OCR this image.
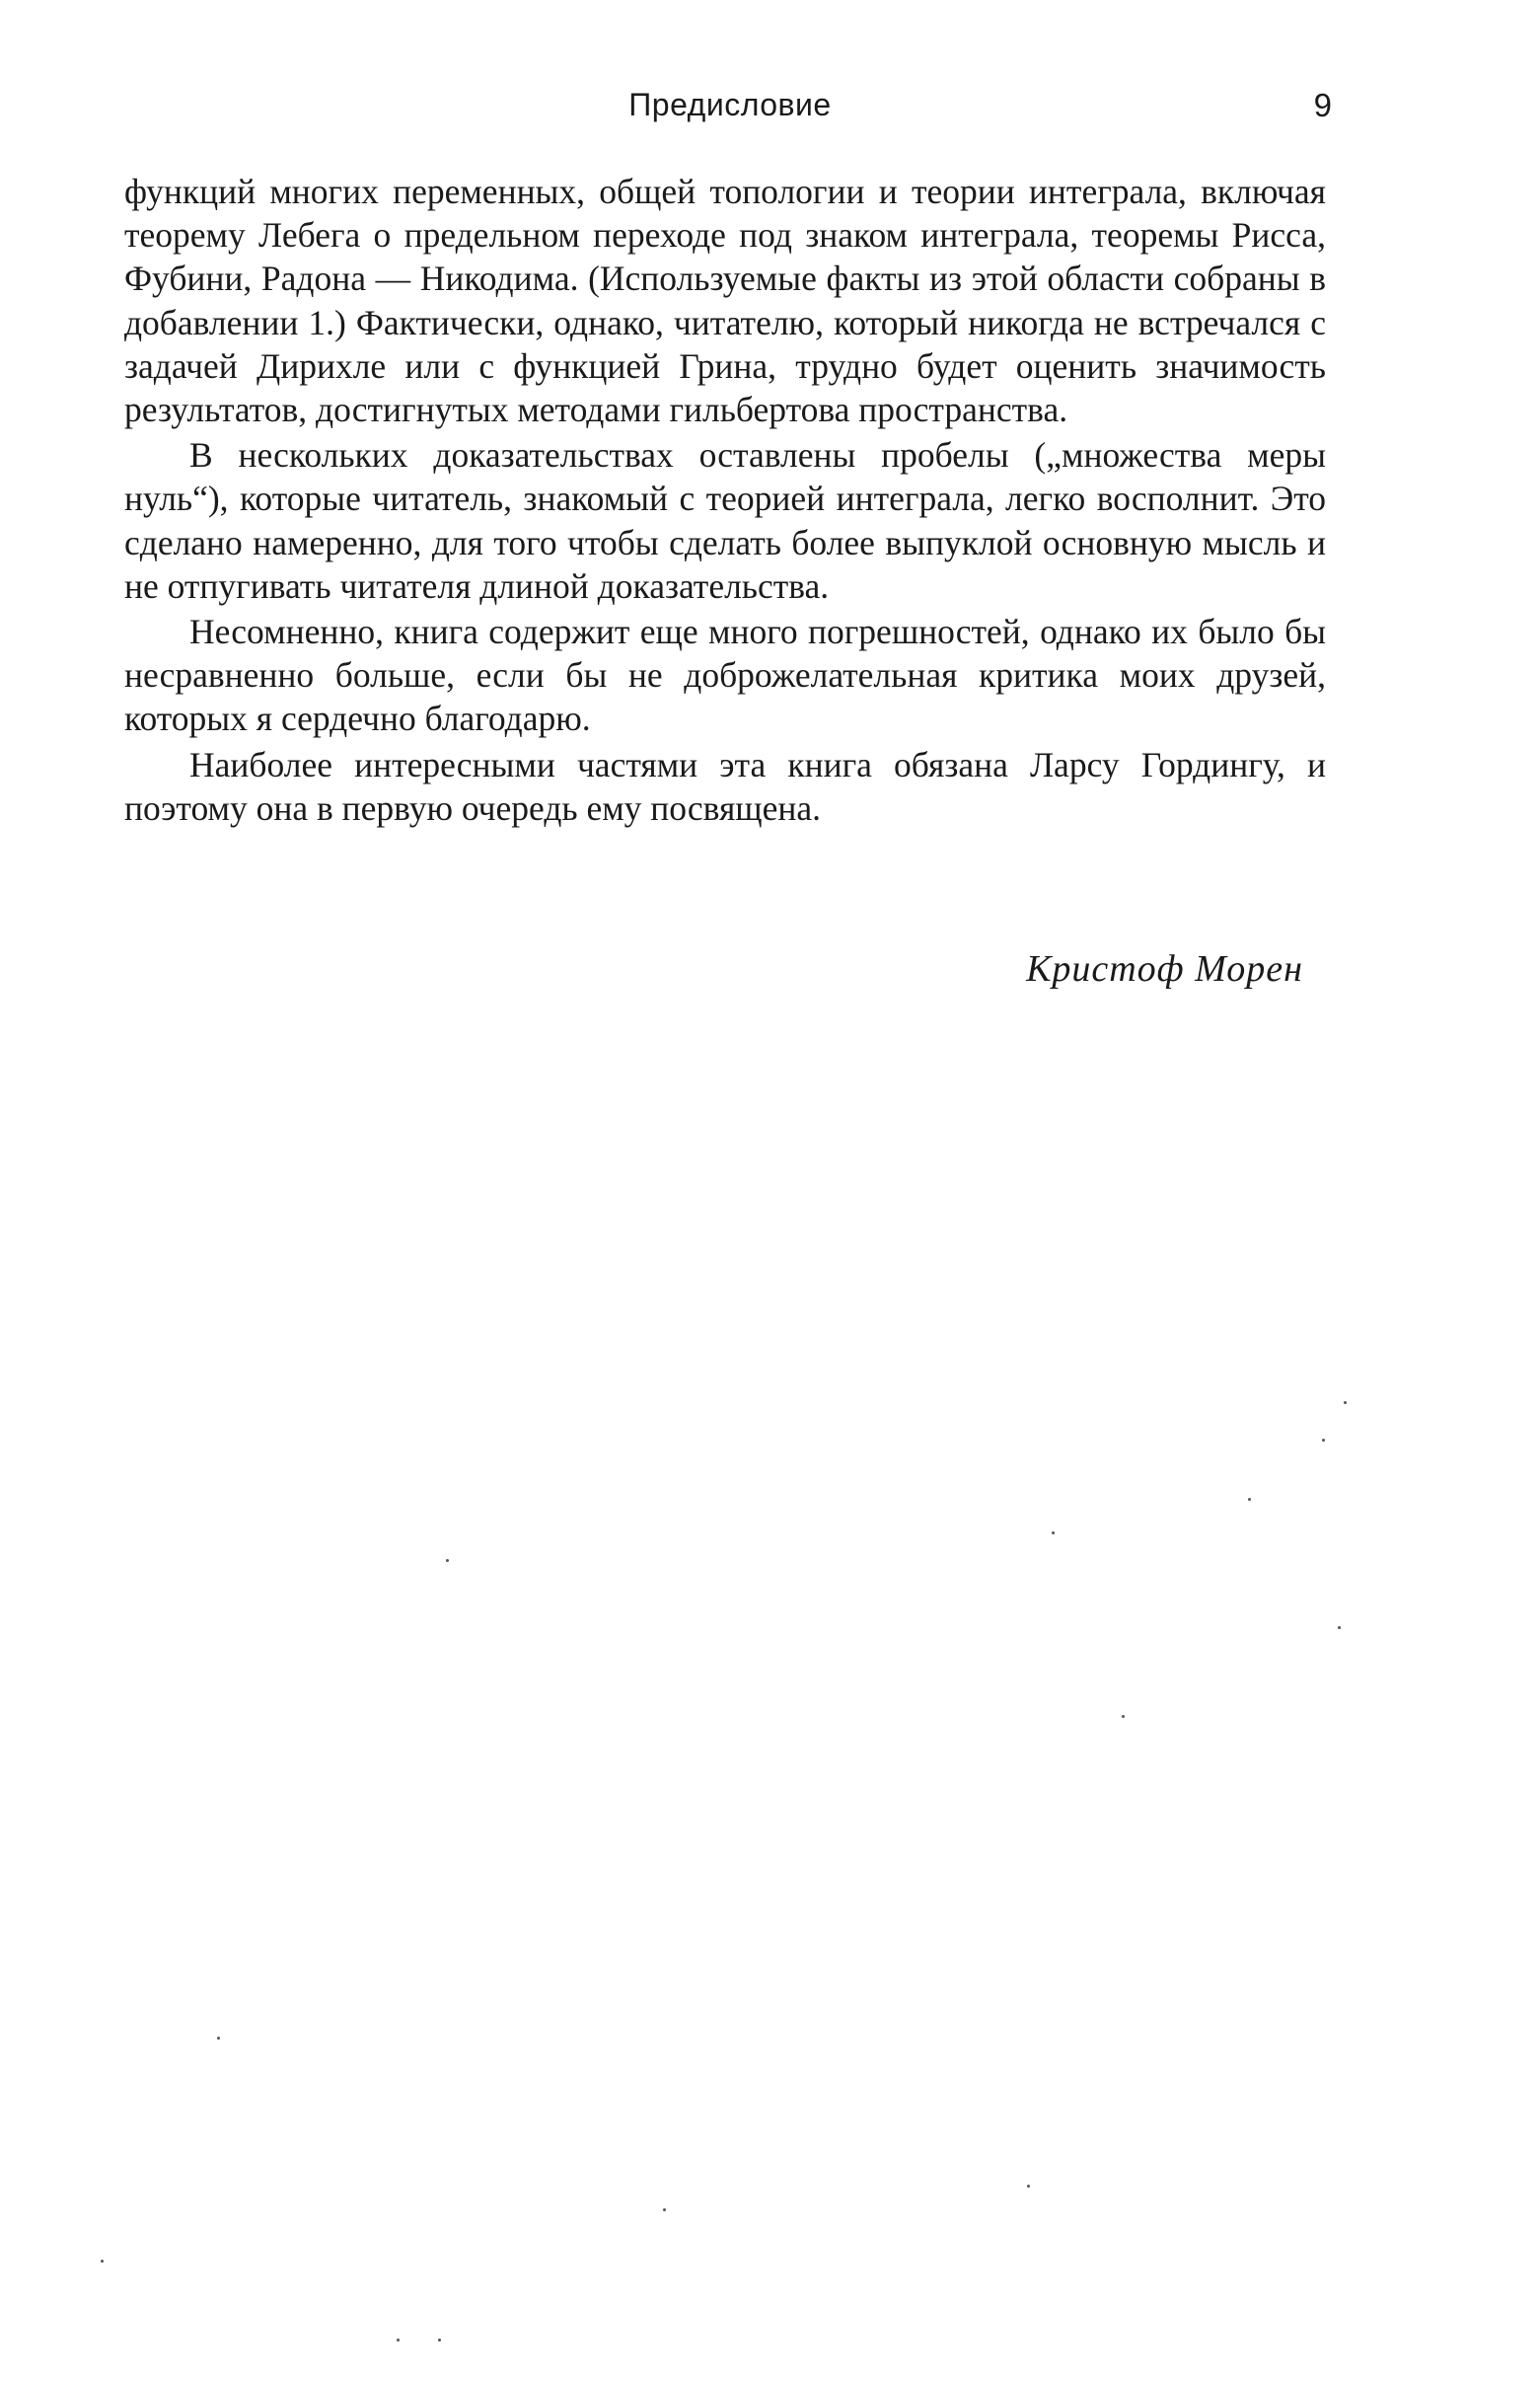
Предисловие	9

функций многих переменных, общей топологии и теории интеграла, включая теорему Лебега о предельном переходе под знаком интеграла, теоремы Рисса, Фубини, Радона — Никодима. (Используемые факты из этой области собраны в добавлении 1.) Фактически, однако, читателю, который никогда не встречался с задачей Дирихле или с функцией Грина, трудно будет оценить значимость результатов, достигнутых методами гильбертова пространства.

В нескольких доказательствах оставлены пробелы („множества меры нуль“), которые читатель, знакомый с теорией интеграла, легко восполнит. Это сделано намеренно, для того чтобы сделать более выпуклой основную мысль и не отпугивать читателя длиной доказательства.

Несомненно, книга содержит еще много погрешностей, однако их было бы несравненно больше, если бы не доброжелательная критика моих друзей, которых я сердечно благодарю.

Наиболее интересными частями эта книга обязана Ларсу Гордингу, и поэтому она в первую очередь ему посвящена.

Кристоф Морен
